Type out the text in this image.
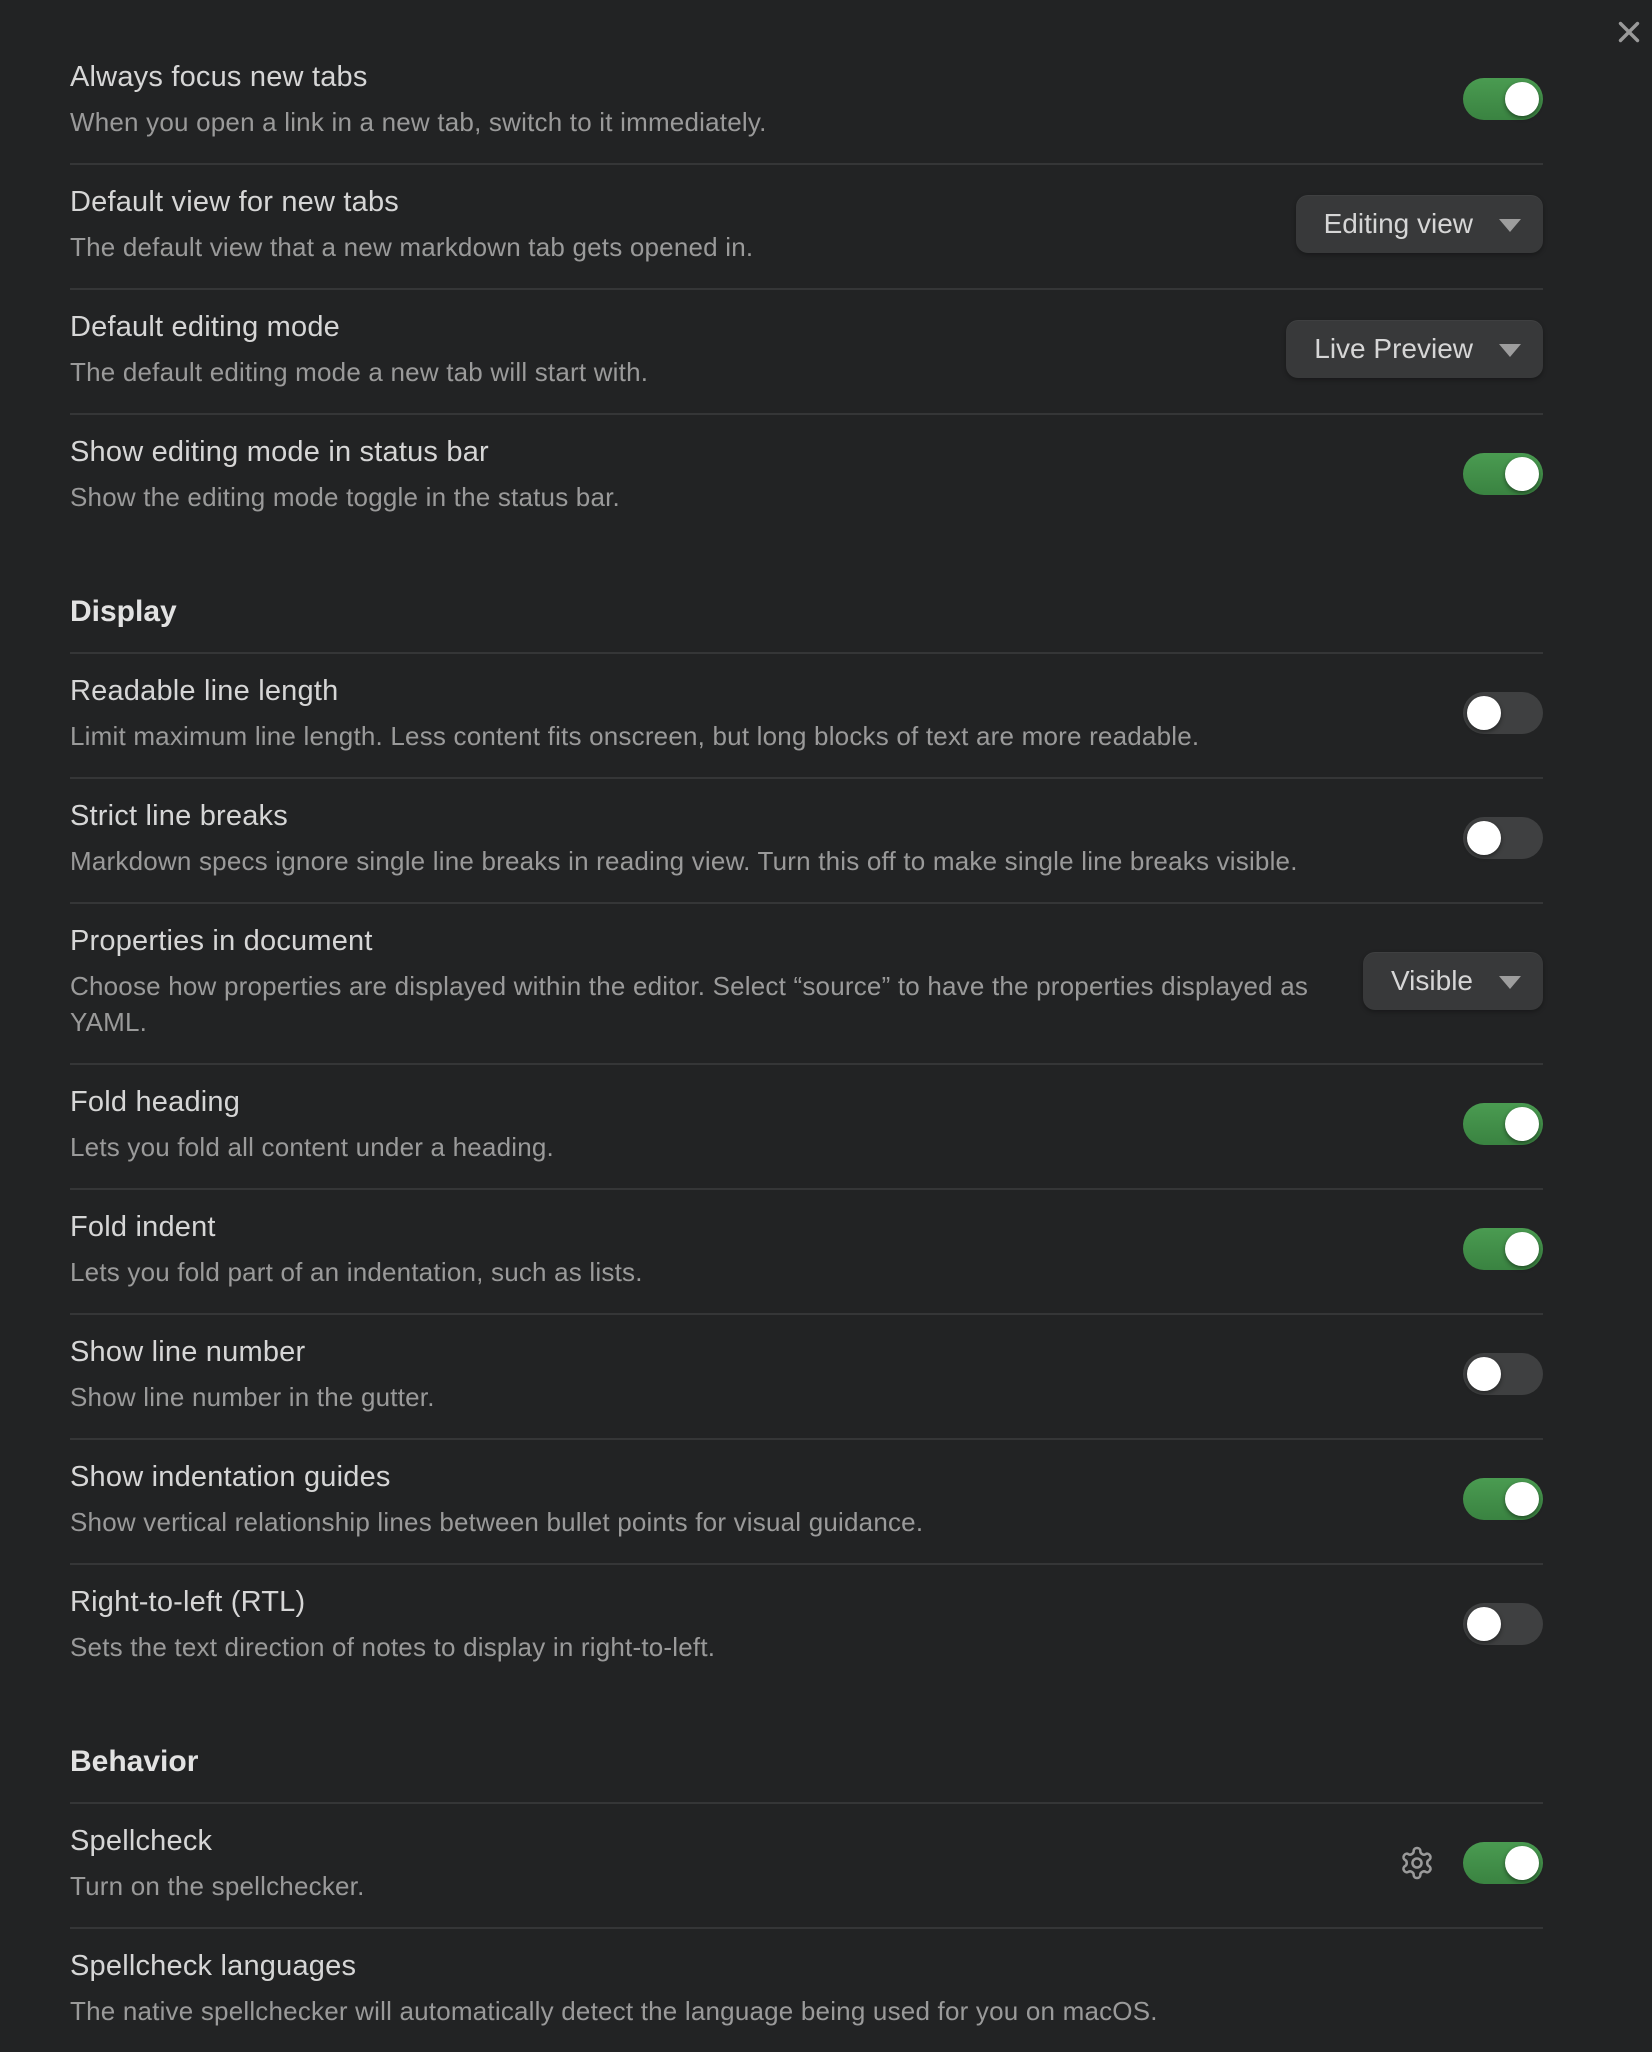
Always focus new tabs
When you open a link in a new tab, switch to it immediately.
Default view for new tabs
The default view that a new markdown tab gets opened in.
Editing view
Default editing mode
The default editing mode a new tab will start with.
Live Preview
Show editing mode in status bar
Show the editing mode toggle in the status bar.
Display
Readable line length
Limit maximum line length. Less content fits onscreen, but long blocks of text are more readable.
Strict line breaks
Markdown specs ignore single line breaks in reading view. Turn this off to make single line breaks visible.
Properties in document
Choose how properties are displayed within the editor. Select “source” to have the properties displayed as YAML.
Visible
Fold heading
Lets you fold all content under a heading.
Fold indent
Lets you fold part of an indentation, such as lists.
Show line number
Show line number in the gutter.
Show indentation guides
Show vertical relationship lines between bullet points for visual guidance.
Right-to-left (RTL)
Sets the text direction of notes to display in right-to-left.
Behavior
Spellcheck
Turn on the spellchecker.
Spellcheck languages
The native spellchecker will automatically detect the language being used for you on macOS.
